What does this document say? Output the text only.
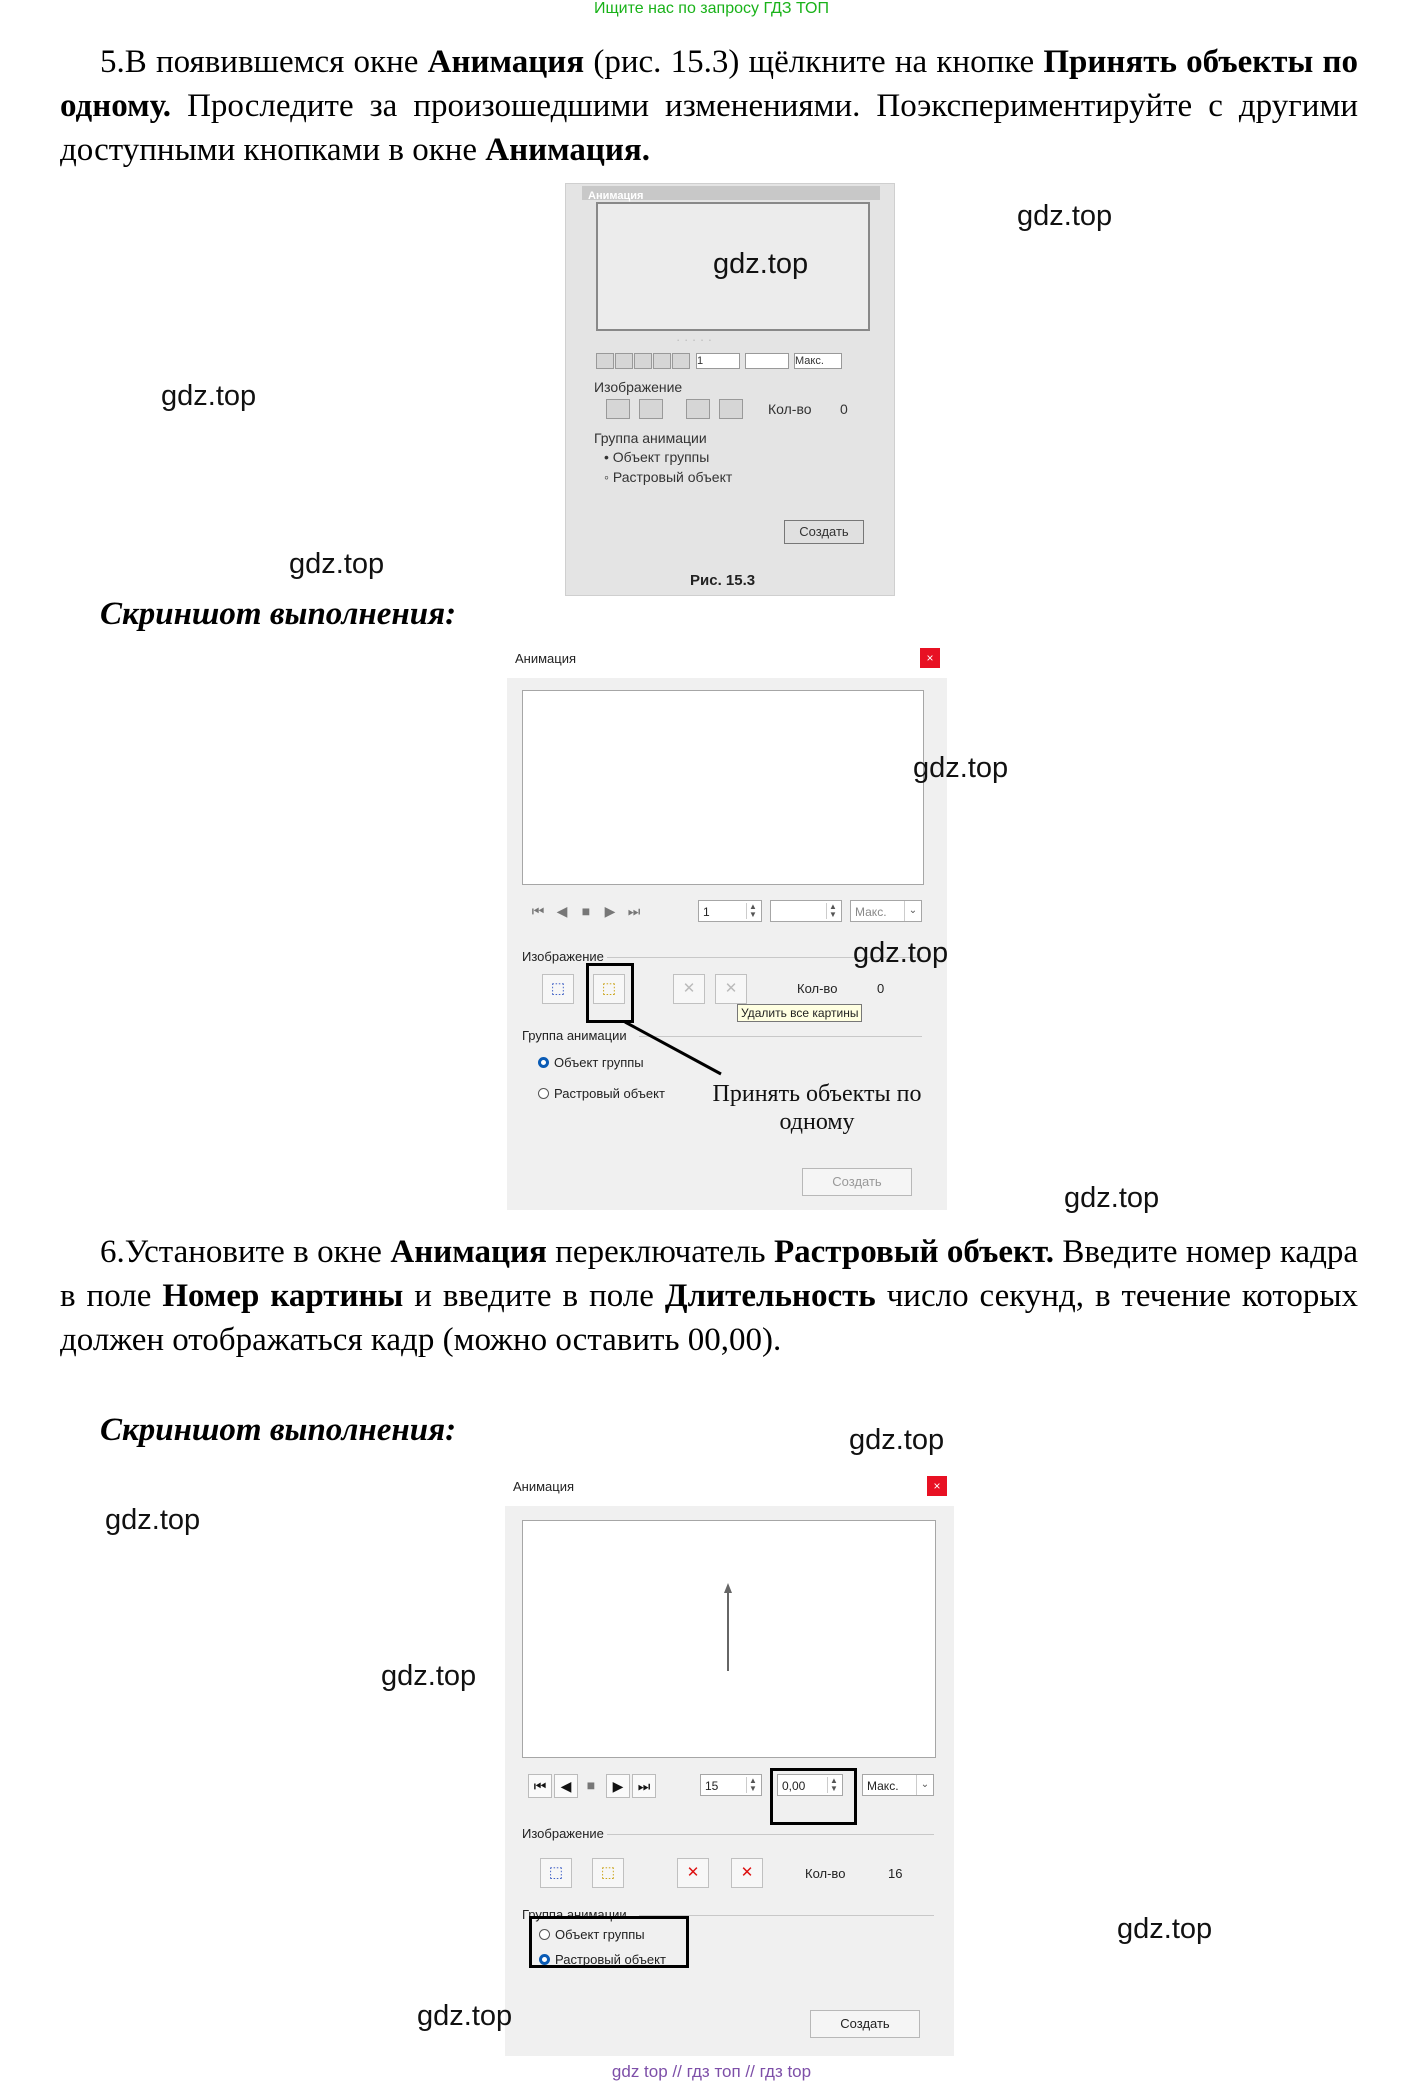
Ищите нас по запросу ГДЗ ТОП
5.В появившемся окне Анимация (рис. 15.3) щёлкните на кнопке Принять объекты по одному. Проследите за произошедшими изменениями. Поэкспериментируйте с другими доступными кнопками в окне Анимация.
Анимация
· · · · ·
1	Макс.
Изображение
Кол-во 0
Группа анимации
• Объект группы
◦ Растровый объект
Создать
Рис. 15.3
Скриншот выполнения:
Анимация	×
⏮ ◀	■	▶ ⏭	1	▲
▼
▲
▼	Макс.	⌄
Изображение
⬚	⬚	✕	✕	Кол-во	0
Удалить все картины
Группа анимации
Объект группы
Растровый объект
Создать
Принять объекты по одному
6.Установите в окне Анимация переключатель Растровый объект. Введите номер кадра в поле Номер картины и введите в поле Длительность число секунд, в течение которых должен отображаться кадр (можно оставить 00,00).
Скриншот выполнения:
Анимация	×
⏮	◀	■	▶	⏭	15	▲
▼	0,00	▲
▼	Макс.	⌄
Изображение
⬚	⬚	✕	✕	Кол-во	16
Группа анимации
Объект группы
Растровый объект
Создать
gdz.top
gdz.top
gdz.top
gdz.top
gdz.top
gdz.top
gdz.top
gdz.top
gdz.top
gdz.top
gdz.top
gdz.top
gdz top // гдз топ // гдз top
